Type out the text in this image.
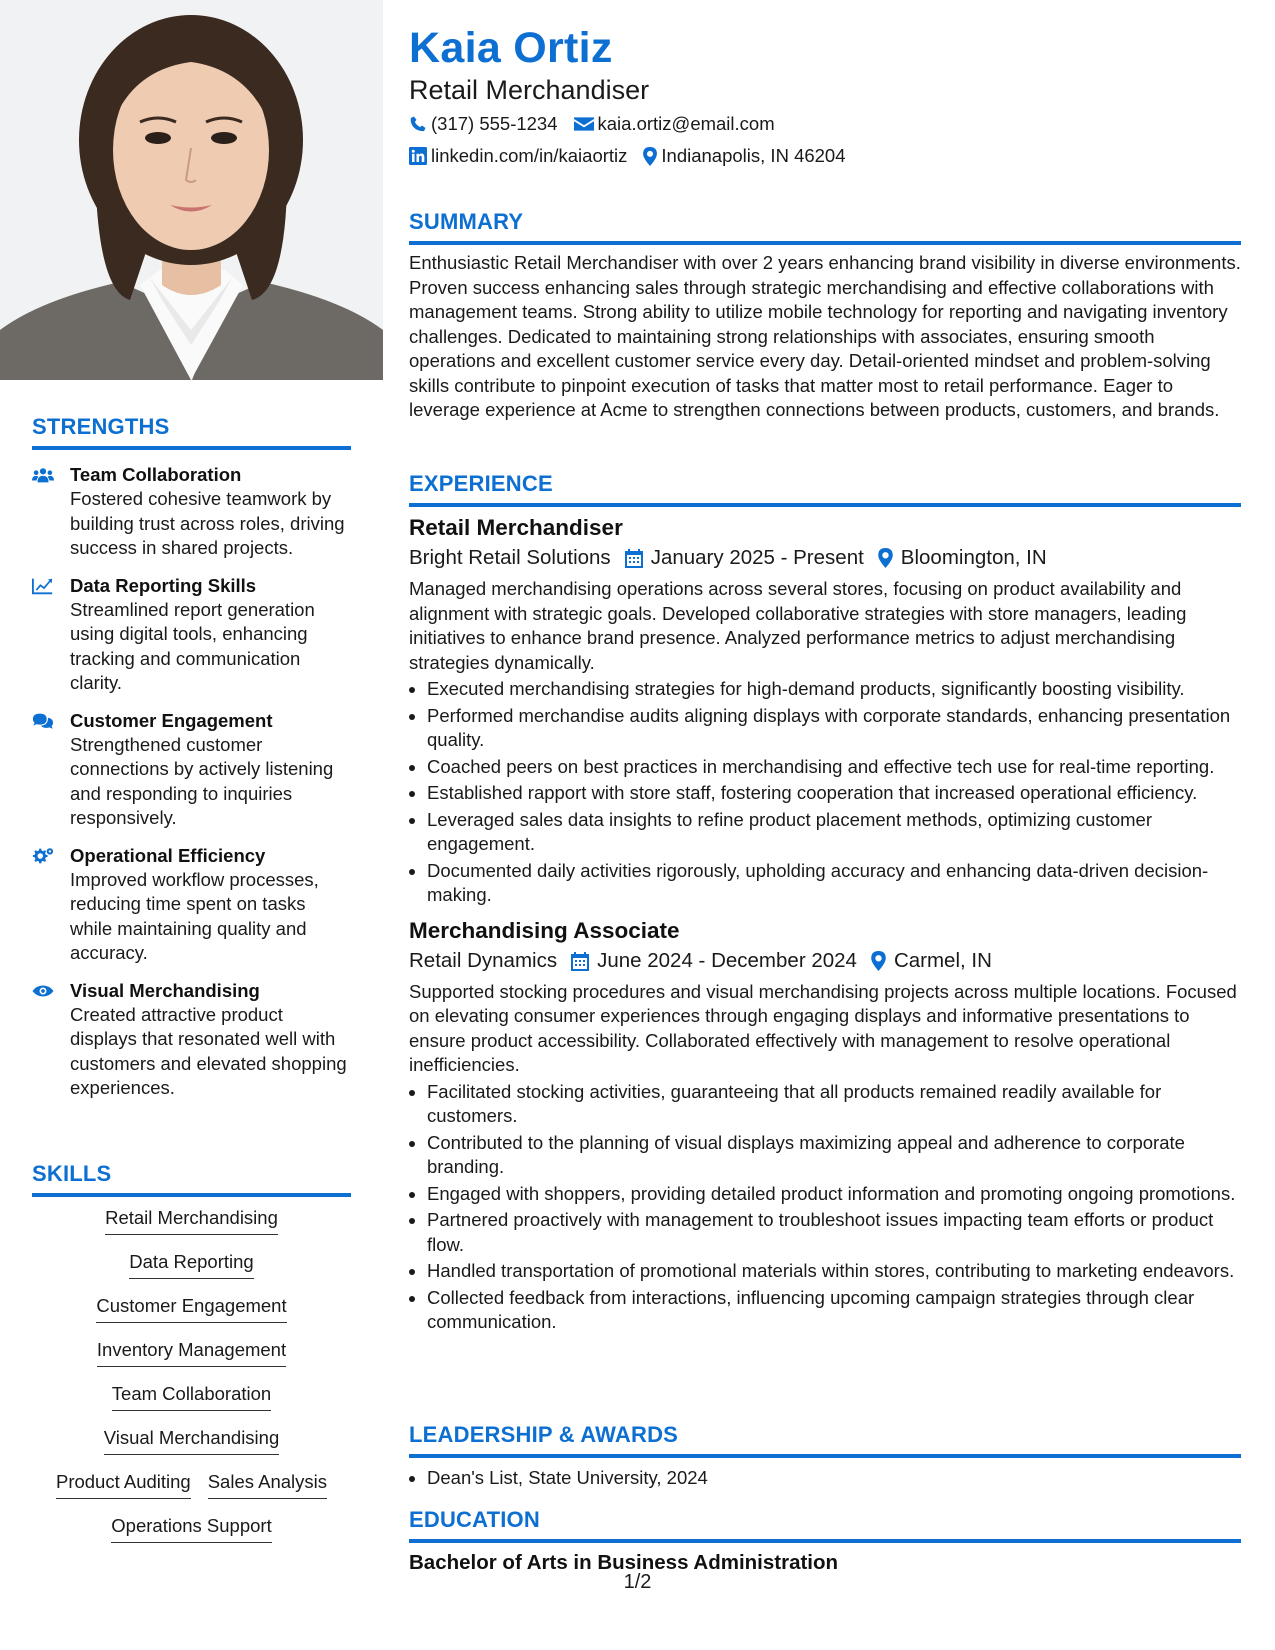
STRENGTHS
Team Collaboration
Fostered cohesive teamwork by building trust across roles, driving success in shared projects.
Data Reporting Skills
Streamlined report generation using digital tools, enhancing tracking and communication clarity.
Customer Engagement
Strengthened customer connections by actively listening and responding to inquiries responsively.
Operational Efficiency
Improved workflow processes, reducing time spent on tasks while maintaining quality and accuracy.
Visual Merchandising
Created attractive product displays that resonated well with customers and elevated shopping experiences.
SKILLS
Retail Merchandising
Data Reporting
Customer Engagement
Inventory Management
Team Collaboration
Visual Merchandising
Product Auditing Sales Analysis
Operations Support
Kaia Ortiz
Retail Merchandiser
(317) 555-1234 kaia.ortiz@email.com
linkedin.com/in/kaiaortiz Indianapolis, IN 46204
SUMMARY

Enthusiastic Retail Merchandiser with over 2 years enhancing brand visibility in diverse environments. Proven success enhancing sales through strategic merchandising and effective collaborations with management teams. Strong ability to utilize mobile technology for reporting and navigating inventory challenges. Dedicated to maintaining strong relationships with associates, ensuring smooth operations and excellent customer service every day. Detail-oriented mindset and problem-solving skills contribute to pinpoint execution of tasks that matter most to retail performance. Eager to leverage experience at Acme to strengthen connections between products, customers, and brands.

EXPERIENCE
Retail Merchandiser
Bright Retail Solutions January 2025 - Present Bloomington, IN

Managed merchandising operations across several stores, focusing on product availability and alignment with strategic goals. Developed collaborative strategies with store managers, leading initiatives to enhance brand presence. Analyzed performance metrics to adjust merchandising strategies dynamically.

• Executed merchandising strategies for high-demand products, significantly boosting visibility.
• Performed merchandise audits aligning displays with corporate standards, enhancing presentation quality.
• Coached peers on best practices in merchandising and effective tech use for real-time reporting.
• Established rapport with store staff, fostering cooperation that increased operational efficiency.
• Leveraged sales data insights to refine product placement methods, optimizing customer engagement.
• Documented daily activities rigorously, upholding accuracy and enhancing data-driven decision-making.
Merchandising Associate
Retail Dynamics June 2024 - December 2024 Carmel, IN

Supported stocking procedures and visual merchandising projects across multiple locations. Focused on elevating consumer experiences through engaging displays and informative presentations to ensure product accessibility. Collaborated effectively with management to resolve operational inefficiencies.

• Facilitated stocking activities, guaranteeing that all products remained readily available for customers.
• Contributed to the planning of visual displays maximizing appeal and adherence to corporate branding.
• Engaged with shoppers, providing detailed product information and promoting ongoing promotions.
• Partnered proactively with management to troubleshoot issues impacting team efforts or product flow.
• Handled transportation of promotional materials within stores, contributing to marketing endeavors.
• Collected feedback from interactions, influencing upcoming campaign strategies through clear communication.
LEADERSHIP & AWARDS
• Dean's List, State University, 2024
EDUCATION
Bachelor of Arts in Business Administration
1/2
